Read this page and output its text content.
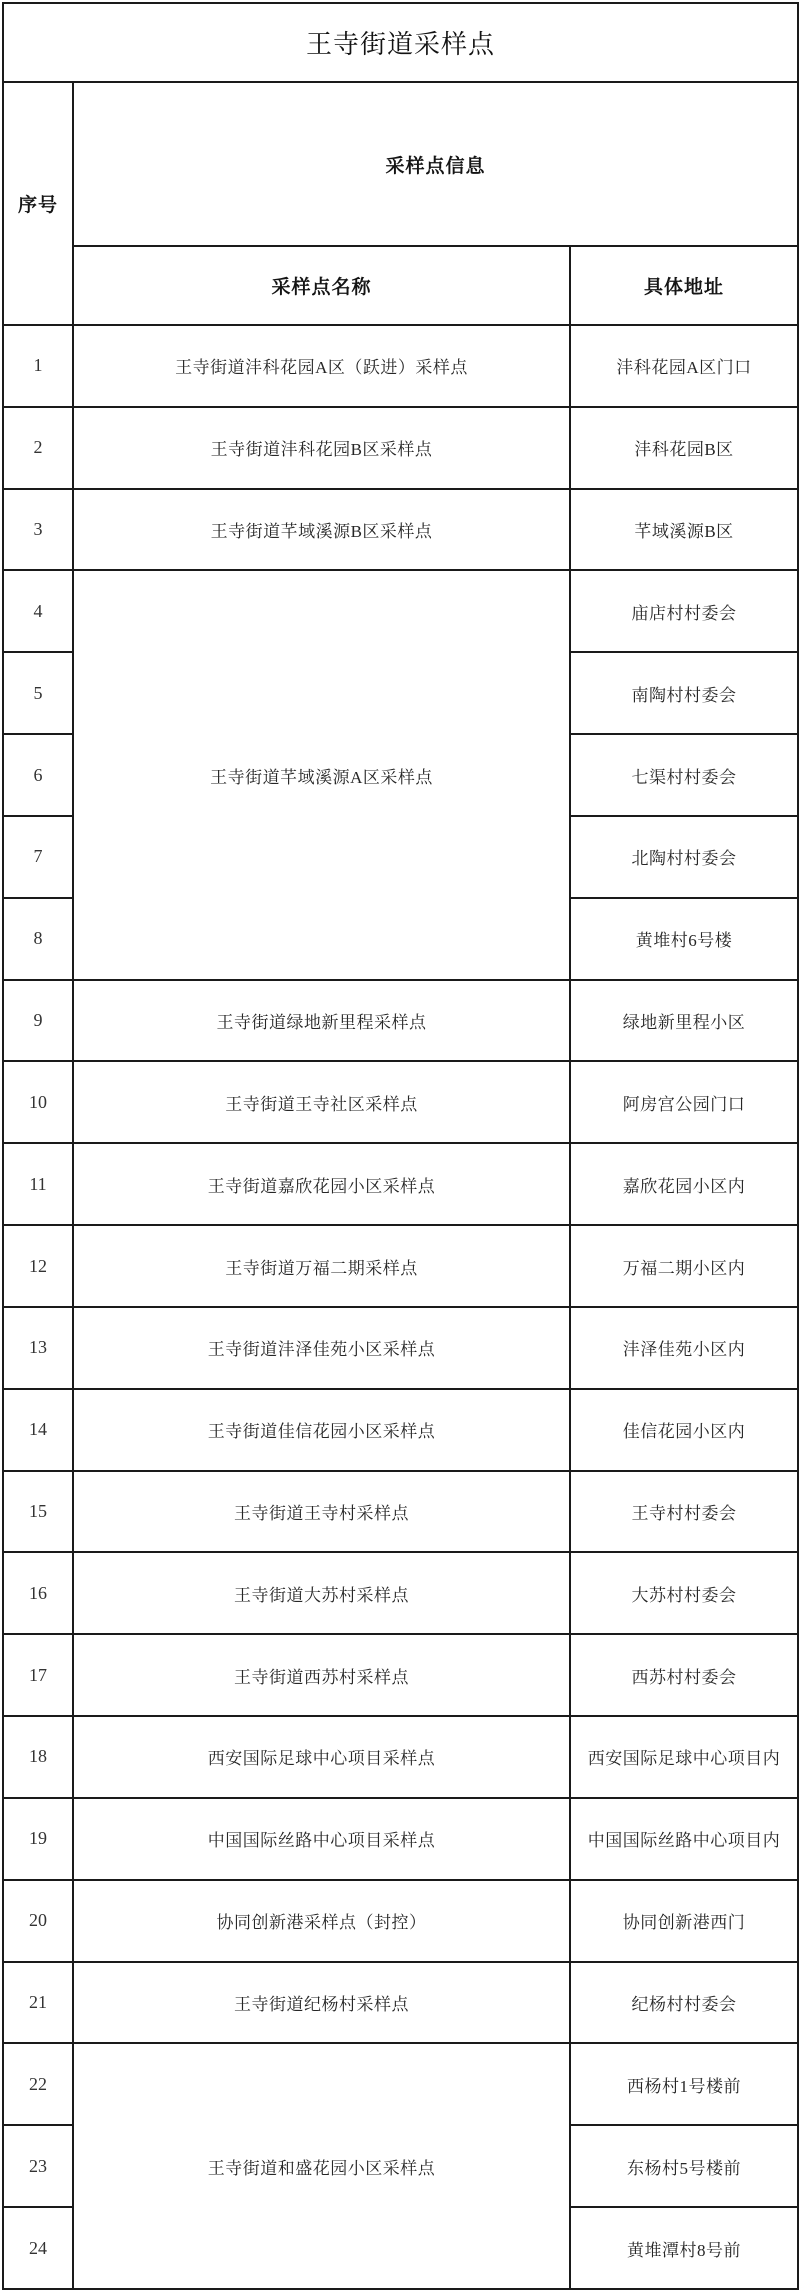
王寺街道采样点		
序号	采样点信息	
	采样点名称	具体地址
1	王寺街道沣科花园A区（跃进）采样点	沣科花园A区门口
2	王寺街道沣科花园B区采样点	沣科花园B区
3	王寺街道芊域溪源B区采样点	芊域溪源B区
4	王寺街道芊域溪源A区采样点	庙店村村委会
5		南陶村村委会
6		七渠村村委会
7		北陶村村委会
8		黄堆村6号楼
9	王寺街道绿地新里程采样点	绿地新里程小区
10	王寺街道王寺社区采样点	阿房宫公园门口
11	王寺街道嘉欣花园小区采样点	嘉欣花园小区内
12	王寺街道万福二期采样点	万福二期小区内
13	王寺街道沣泽佳苑小区采样点	沣泽佳苑小区内
14	王寺街道佳信花园小区采样点	佳信花园小区内
15	王寺街道王寺村采样点	王寺村村委会
16	王寺街道大苏村采样点	大苏村村委会
17	王寺街道西苏村采样点	西苏村村委会
18	西安国际足球中心项目采样点	西安国际足球中心项目内
19	中国国际丝路中心项目采样点	中国国际丝路中心项目内
20	协同创新港采样点（封控）	协同创新港西门
21	王寺街道纪杨村采样点	纪杨村村委会
22	王寺街道和盛花园小区采样点	西杨村1号楼前
23		东杨村5号楼前
24		黄堆潭村8号前
